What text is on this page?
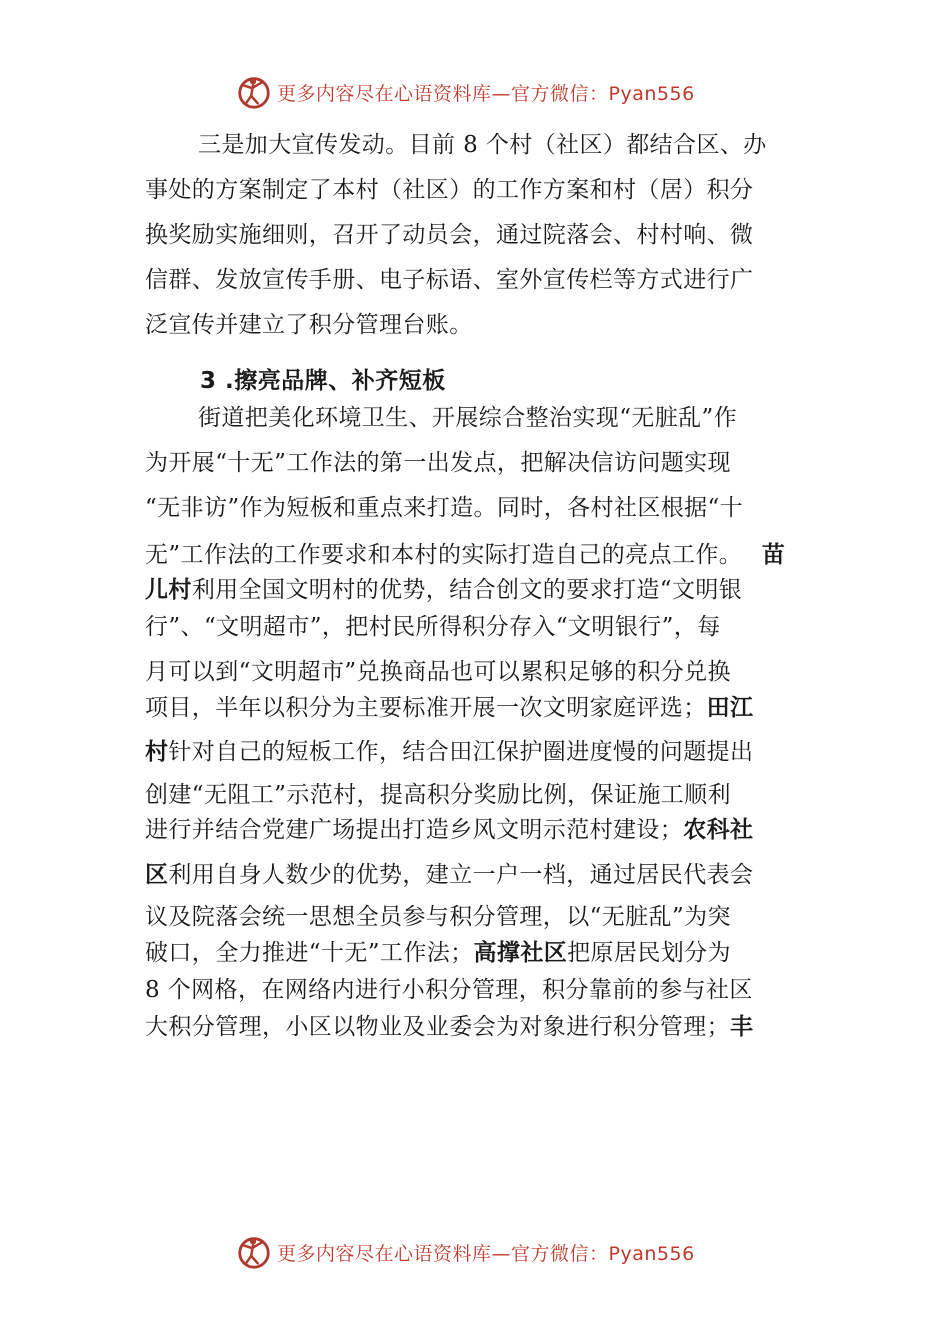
更多内容尽在心语资料库—官方微信：Pyan556
三是加大宣传发动。目前 8 个村（社区）都结合区、办
事处的方案制定了本村（社区）的工作方案和村（居）积分
换奖励实施细则，召开了动员会，通过院落会、村村响、微
信群、发放宣传手册、电子标语、室外宣传栏等方式进行广
泛宣传并建立了积分管理台账。
3 .擦亮品牌、补齐短板
街道把美化环境卫生、开展综合整治实现“无脏乱”作
为开展“十无”工作法的第一出发点，把解决信访问题实现
“无非访”作为短板和重点来打造。同时，各村社区根据“十
无”工作法的工作要求和本村的实际打造自己的亮点工作。 苗
儿村利用全国文明村的优势，结合创文的要求打造“文明银
行”、“文明超市”，把村民所得积分存入“文明银行”，每
月可以到“文明超市”兑换商品也可以累积足够的积分兑换
项目，半年以积分为主要标准开展一次文明家庭评选；田江
村针对自己的短板工作，结合田江保护圈进度慢的问题提出
创建“无阻工”示范村，提高积分奖励比例，保证施工顺利
进行并结合党建广场提出打造乡风文明示范村建设；农科社
区利用自身人数少的优势，建立一户一档，通过居民代表会
议及院落会统一思想全员参与积分管理，以“无脏乱”为突
破口，全力推进“十无”工作法；高撑社区把原居民划分为
8 个网格，在网络内进行小积分管理，积分靠前的参与社区
大积分管理，小区以物业及业委会为对象进行积分管理；丰
更多内容尽在心语资料库—官方微信：Pyan556
